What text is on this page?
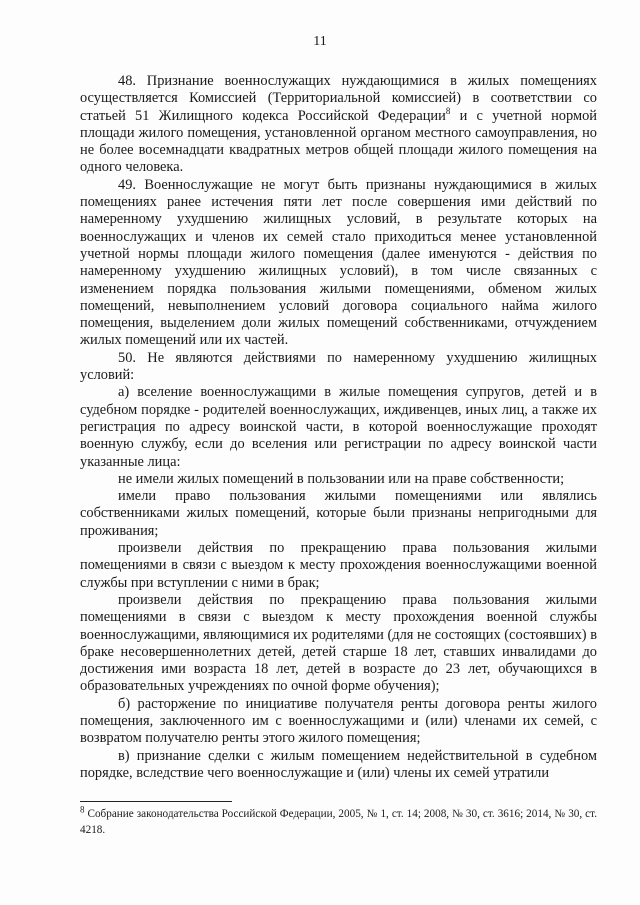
11

48. Признание военнослужащих нуждающимися в жилых помещениях осуществляется Комиссией (Территориальной комиссией) в соответствии со статьей 51 Жилищного кодекса Российской Федерации$^8$ и с учетной нормой площади жилого помещения, установленной органом местного самоуправления, но не более восемнадцати квадратных метров общей площади жилого помещения на одного человека.

49. Военнослужащие не могут быть признаны нуждающимися в жилых помещениях ранее истечения пяти лет после совершения ими действий по намеренному ухудшению жилищных условий, в результате которых на военнослужащих и членов их семей стало приходиться менее установленной учетной нормы площади жилого помещения (далее именуются - действия по намеренному ухудшению жилищных условий), в том числе связанных с изменением порядка пользования жилыми помещениями, обменом жилых помещений, невыполнением условий договора социального найма жилого помещения, выделением доли жилых помещений собственниками, отчуждением жилых помещений или их частей.

50. Не являются действиями по намеренному ухудшению жилищных условий:

а) вселение военнослужащими в жилые помещения супругов, детей и в судебном порядке - родителей военнослужащих, иждивенцев, иных лиц, а также их регистрация по адресу воинской части, в которой военнослужащие проходят военную службу, если до вселения или регистрации по адресу воинской части указанные лица:

не имели жилых помещений в пользовании или на праве собственности;

имели право пользования жилыми помещениями или являлись собственниками жилых помещений, которые были признаны непригодными для проживания;

произвели действия по прекращению права пользования жилыми помещениями в связи с выездом к месту прохождения военнослужащими военной службы при вступлении с ними в брак;

произвели действия по прекращению права пользования жилыми помещениями в связи с выездом к месту прохождения военной службы военнослужащими, являющимися их родителями (для не состоящих (состоявших) в браке несовершеннолетних детей, детей старше 18 лет, ставших инвалидами до достижения ими возраста 18 лет, детей в возрасте до 23 лет, обучающихся в образовательных учреждениях по очной форме обучения);

б) расторжение по инициативе получателя ренты договора ренты жилого помещения, заключенного им с военнослужащими и (или) членами их семей, с возвратом получателю ренты этого жилого помещения;

в) признание сделки с жилым помещением недействительной в судебном порядке, вследствие чего военнослужащие и (или) члены их семей утратили

$^8$ Собрание законодательства Российской Федерации, 2005, № 1, ст. 14; 2008, № 30, ст. 3616; 2014, № 30, ст. 4218.
